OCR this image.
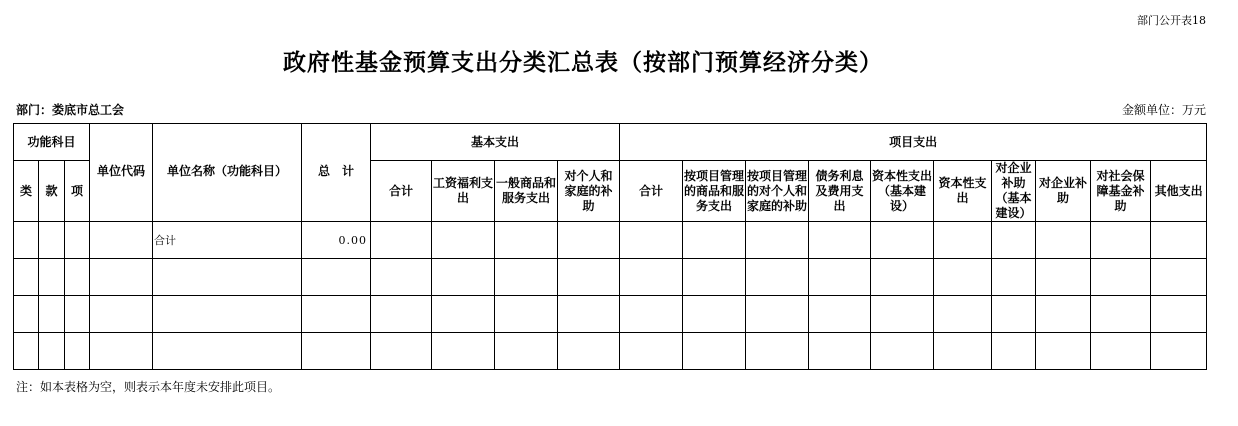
部门公开表18
政府性基金预算支出分类汇总表（按部门预算经济分类）
部门：娄底市总工会	金额单位：万元
功能科目			单位代码	单位名称（功能科目）	总　计	基本支出				项目支出									
类	款	项				合计	工资福利支出	一般商品和服务支出	对个人和家庭的补助	合计	按项目管理的商品和服务支出	按项目管理的对个人和家庭的补助	债务利息及费用支出	资本性支出（基本建设）	资本性支出	对企业补助（基本建设）	对企业补助	对社会保障基金补助	其他支出
				合计	0.00														

注：如本表格为空，则表示本年度未安排此项目。
